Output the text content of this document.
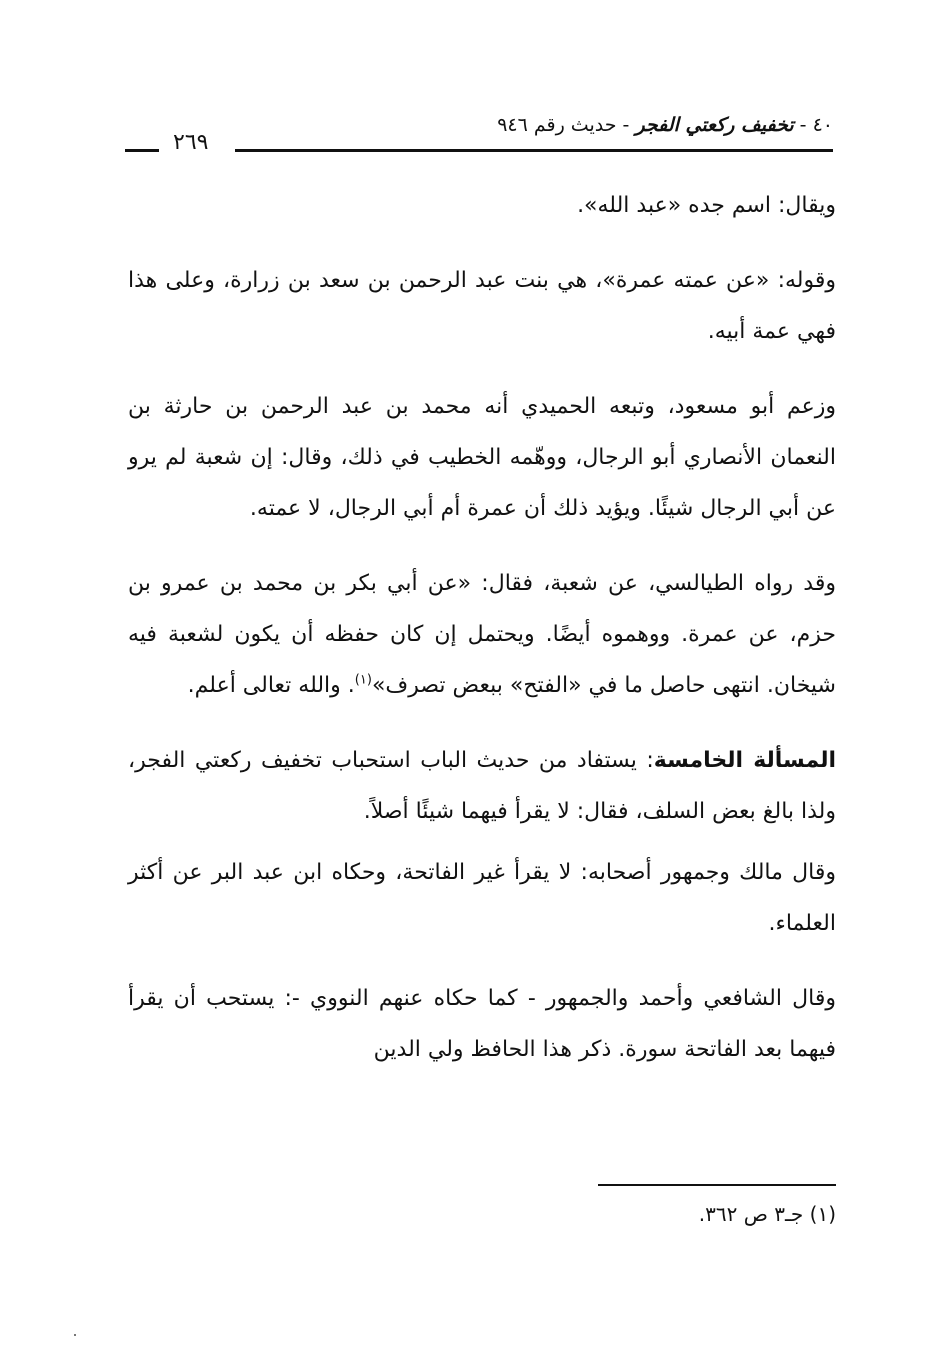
٤٠ - تخفيف ركعتي الفجر - حديث رقم ٩٤٦
٢٦٩

ويقال: اسم جده «عبد الله».

وقوله: «عن عمته عمرة»، هي بنت عبد الرحمن بن سعد بن زرارة، وعلى هذا فهي عمة أبيه.

وزعم أبو مسعود، وتبعه الحميدي أنه محمد بن عبد الرحمن بن حارثة بن النعمان الأنصاري أبو الرجال، ووهّمه الخطيب في ذلك، وقال: إن شعبة لم يرو عن أبي الرجال شيئًا. ويؤيد ذلك أن عمرة أم أبي الرجال، لا عمته.

وقد رواه الطيالسي، عن شعبة، فقال: «عن أبي بكر بن محمد بن عمرو بن حزم، عن عمرة. ووهموه أيضًا. ويحتمل إن كان حفظه أن يكون لشعبة فيه شيخان. انتهى حاصل ما في «الفتح» ببعض تصرف»$^{(١)}$. والله تعالى أعلم.

المسألة الخامسة: يستفاد من حديث الباب استحباب تخفيف ركعتي الفجر، ولذا بالغ بعض السلف، فقال: لا يقرأ فيهما شيئًا أصلاً.

وقال مالك وجمهور أصحابه: لا يقرأ غير الفاتحة، وحكاه ابن عبد البر عن أكثر العلماء.

وقال الشافعي وأحمد والجمهور - كما حكاه عنهم النووي -: يستحب أن يقرأ فيهما بعد الفاتحة سورة. ذكر هذا الحافظ ولي الدين

(١) جـ٣ ص ٣٦٢.
